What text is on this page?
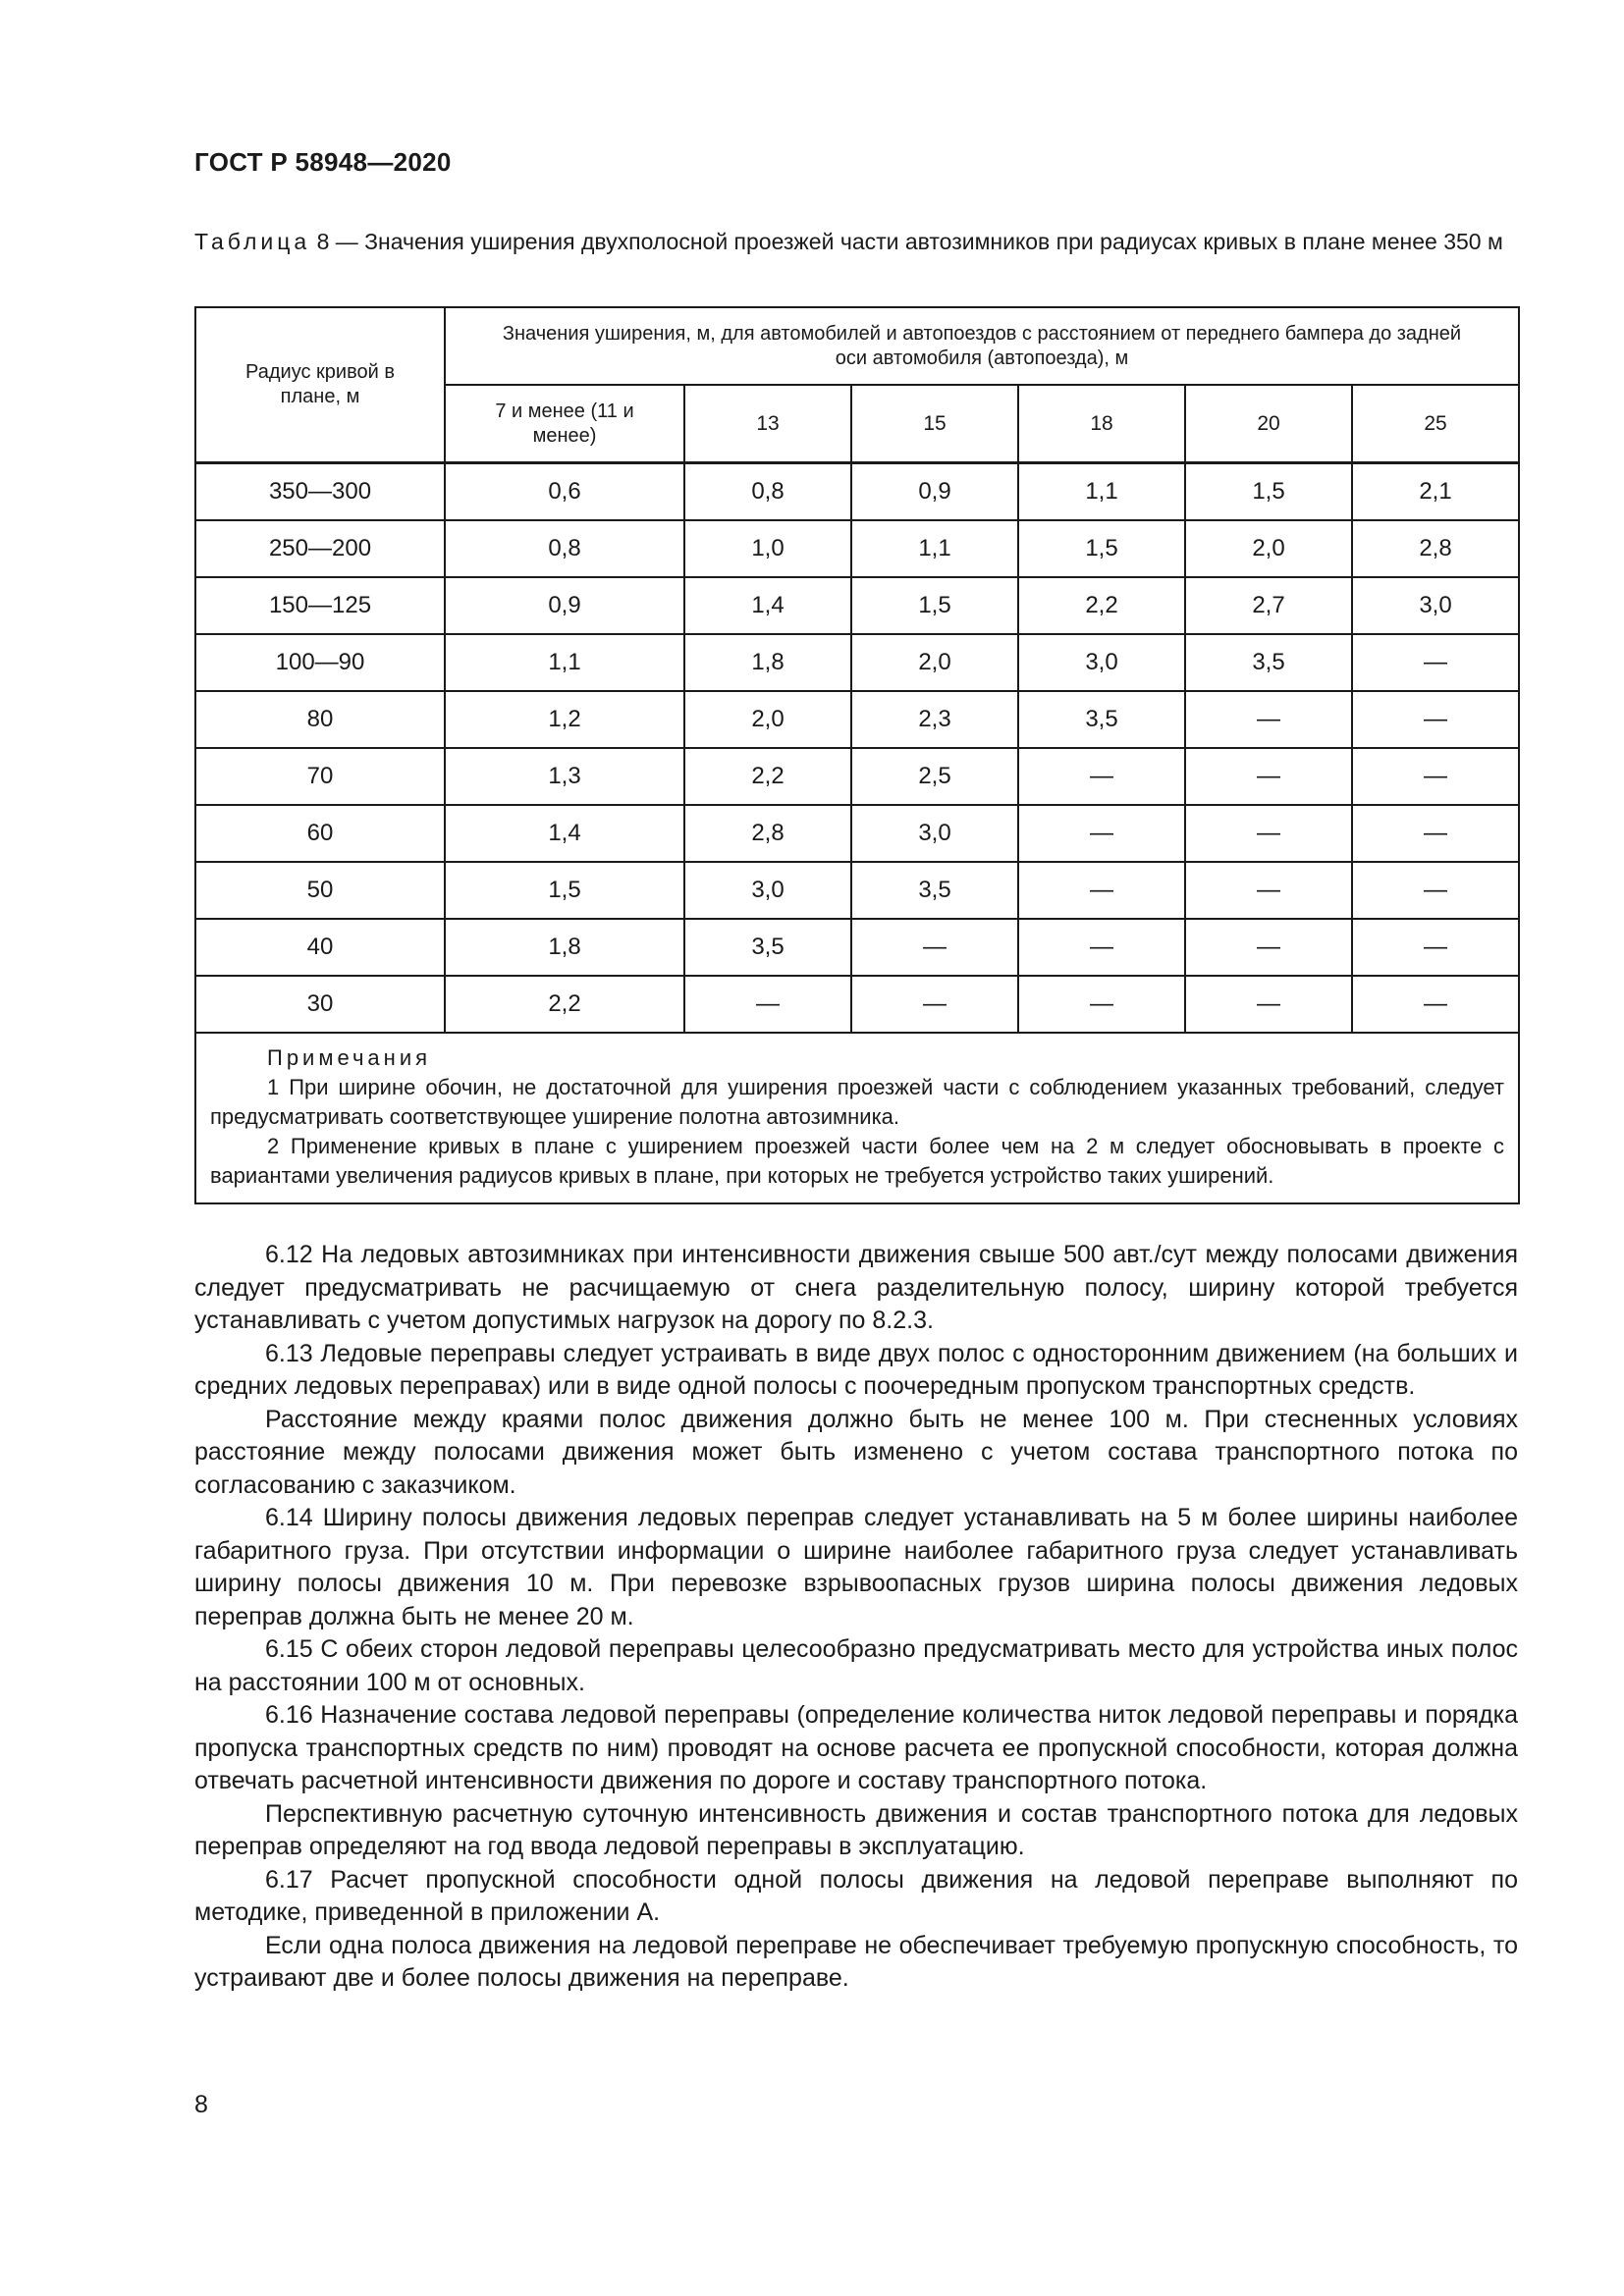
ГОСТ Р 58948—2020
Таблица 8 — Значения уширения двухполосной проезжей части автозимников при радиусах кривых в плане менее 350 м
Радиус кривой в плане, м	Значения уширения, м, для автомобилей и автопоездов с расстоянием от переднего бампера до задней оси автомобиля (автопоезда), м					
	7 и менее (11 и менее)	13	15	18	20	25
350—300	0,6	0,8	0,9	1,1	1,5	2,1
250—200	0,8	1,0	1,1	1,5	2,0	2,8
150—125	0,9	1,4	1,5	2,2	2,7	3,0
100—90	1,1	1,8	2,0	3,0	3,5	—
80	1,2	2,0	2,3	3,5	—	—
70	1,3	2,2	2,5	—	—	—
60	1,4	2,8	3,0	—	—	—
50	1,5	3,0	3,5	—	—	—
40	1,8	3,5	—	—	—	—
30	2,2	—	—	—	—	—

Примечания
1 При ширине обочин, не достаточной для уширения проезжей части с соблюдением указанных требований, следует предусматривать соответствующее уширение полотна автозимника.
2 Применение кривых в плане с уширением проезжей части более чем на 2 м следует обосновывать в проекте с вариантами увеличения радиусов кривых в плане, при которых не требуется устройство таких уширений.						

6.12 На ледовых автозимниках при интенсивности движения свыше 500 авт./сут между полосами движения следует предусматривать не расчищаемую от снега разделительную полосу, ширину которой требуется устанавливать с учетом допустимых нагрузок на дорогу по 8.2.3.

6.13 Ледовые переправы следует устраивать в виде двух полос с односторонним движением (на больших и средних ледовых переправах) или в виде одной полосы с поочередным пропуском транспортных средств.

Расстояние между краями полос движения должно быть не менее 100 м. При стесненных условиях расстояние между полосами движения может быть изменено с учетом состава транспортного потока по согласованию с заказчиком.

6.14 Ширину полосы движения ледовых переправ следует устанавливать на 5 м более ширины наиболее габаритного груза. При отсутствии информации о ширине наиболее габаритного груза следует устанавливать ширину полосы движения 10 м. При перевозке взрывоопасных грузов ширина полосы движения ледовых переправ должна быть не менее 20 м.

6.15 С обеих сторон ледовой переправы целесообразно предусматривать место для устройства иных полос на расстоянии 100 м от основных.

6.16 Назначение состава ледовой переправы (определение количества ниток ледовой переправы и порядка пропуска транспортных средств по ним) проводят на основе расчета ее пропускной способности, которая должна отвечать расчетной интенсивности движения по дороге и составу транспортного потока.

Перспективную расчетную суточную интенсивность движения и состав транспортного потока для ледовых переправ определяют на год ввода ледовой переправы в эксплуатацию.

6.17 Расчет пропускной способности одной полосы движения на ледовой переправе выполняют по методике, приведенной в приложении А.

Если одна полоса движения на ледовой переправе не обеспечивает требуемую пропускную способность, то устраивают две и более полосы движения на переправе.

8
